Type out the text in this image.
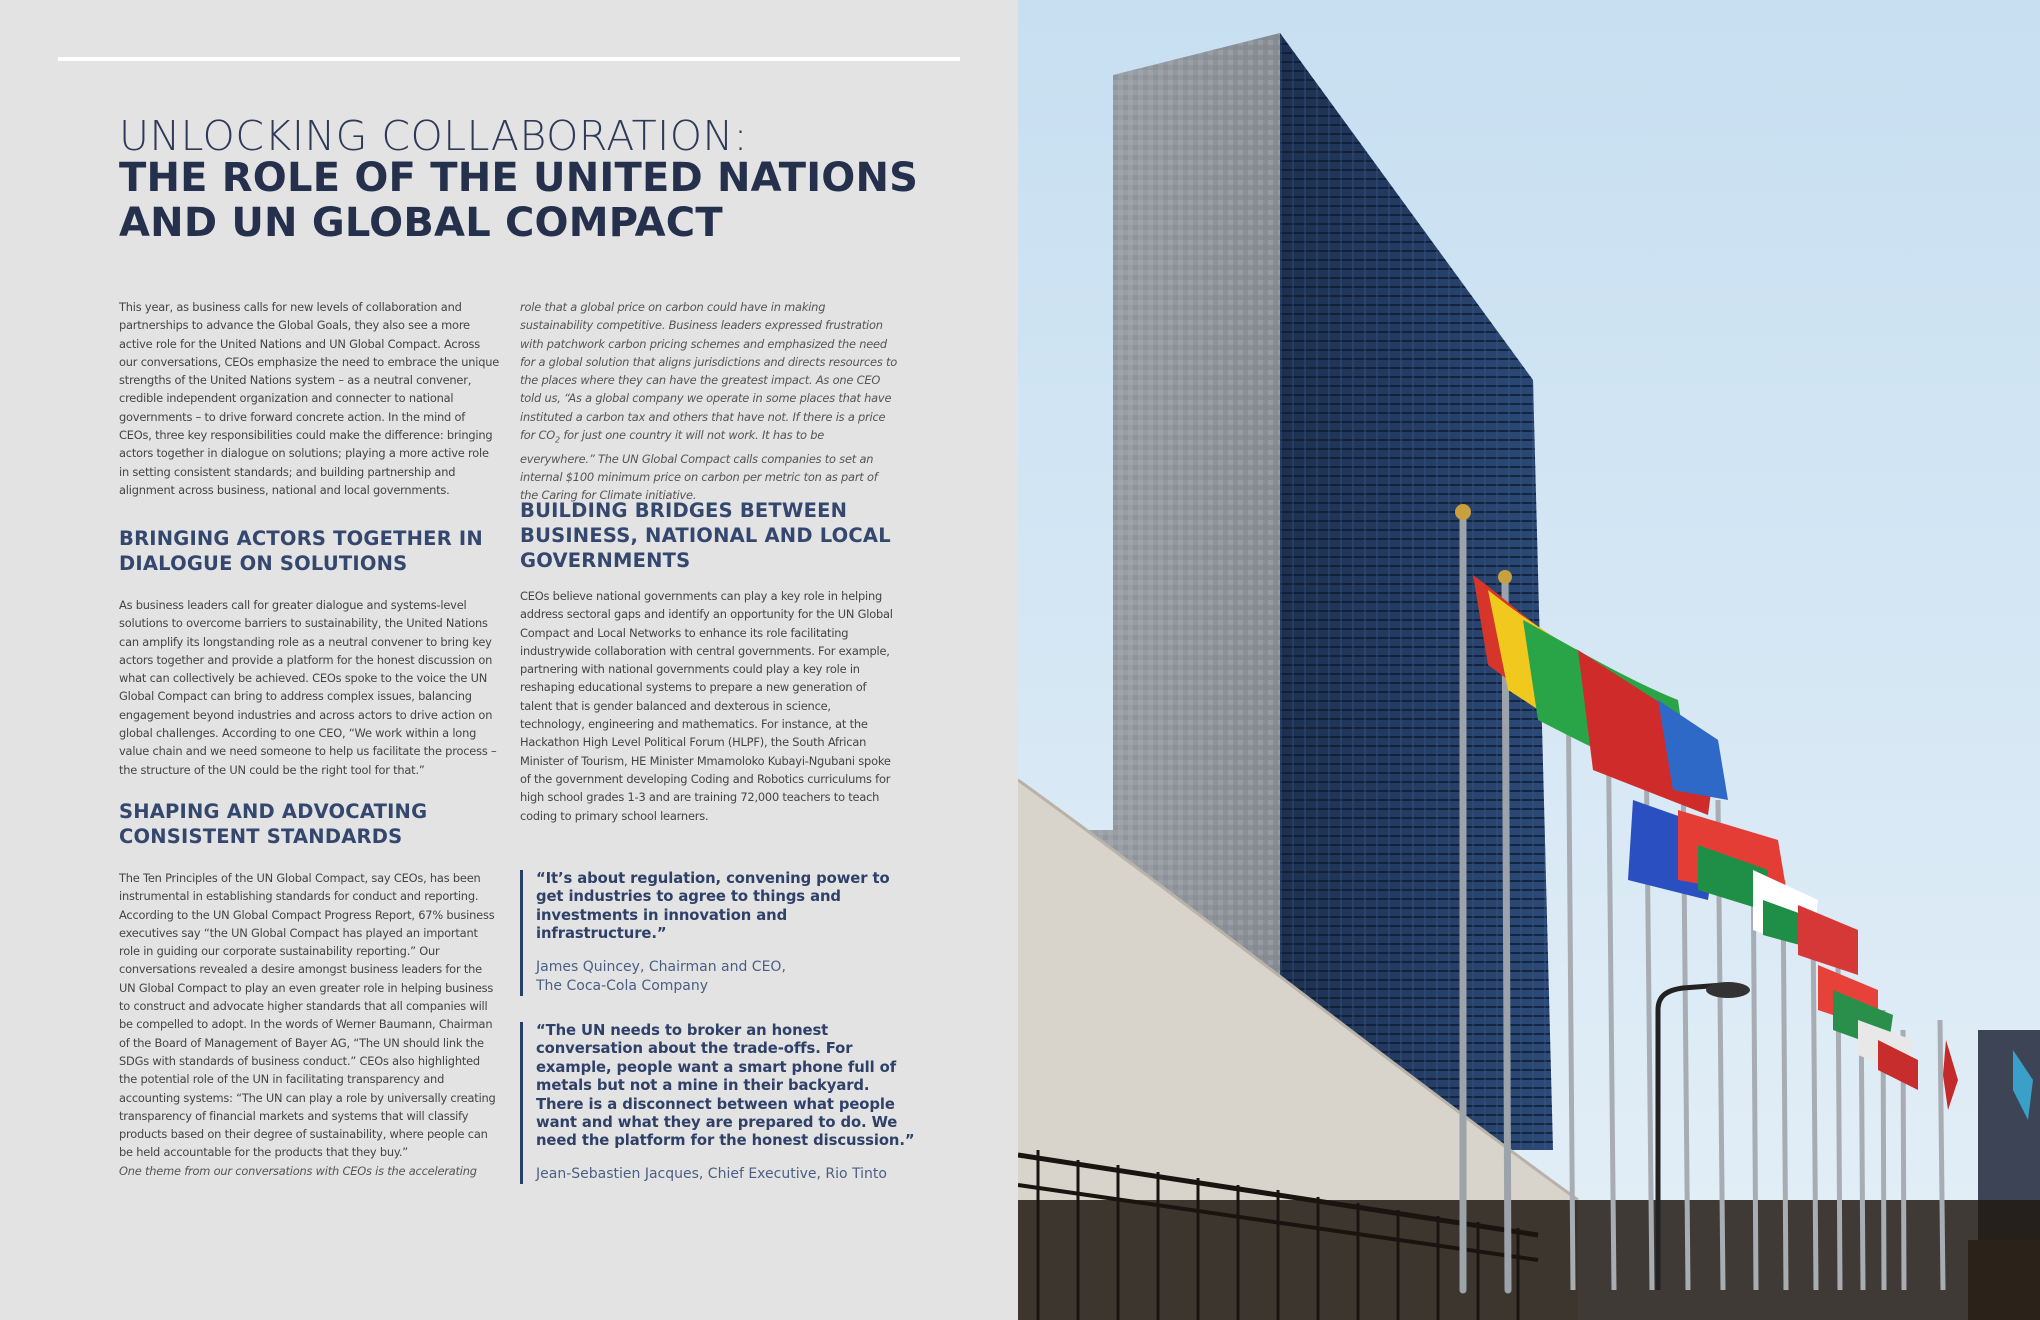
UNLOCKING COLLABORATION:
THE ROLE OF THE UNITED NATIONS
AND UN GLOBAL COMPACT
This year, as business calls for new levels of collaboration and partnerships to advance the Global Goals, they also see a more active role for the United Nations and UN Global Compact. Across our conversations, CEOs emphasize the need to embrace the unique strengths of the United Nations system – as a neutral convener, credible independent organization and connecter to national governments – to drive forward concrete action. In the mind of CEOs, three key responsibilities could make the difference: bringing actors together in dialogue on solutions; playing a more active role in setting consistent standards; and building partnership and alignment across business, national and local governments.
BRINGING ACTORS TOGETHER IN
DIALOGUE ON SOLUTIONS
As business leaders call for greater dialogue and systems-level solutions to overcome barriers to sustainability, the United Nations can amplify its longstanding role as a neutral convener to bring key actors together and provide a platform for the honest discussion on what can collectively be achieved. CEOs spoke to the voice the UN Global Compact can bring to address complex issues, balancing engagement beyond industries and across actors to drive action on global challenges. According to one CEO, “We work within a long value chain and we need someone to help us facilitate the process – the structure of the UN could be the right tool for that.”
SHAPING AND ADVOCATING
CONSISTENT STANDARDS
The Ten Principles of the UN Global Compact, say CEOs, has been instrumental in establishing standards for conduct and reporting. According to the UN Global Compact Progress Report, 67% business executives say “the UN Global Compact has played an important role in guiding our corporate sustainability reporting.” Our conversations revealed a desire amongst business leaders for the UN Global Compact to play an even greater role in helping business to construct and advocate higher standards that all companies will be compelled to adopt. In the words of Werner Baumann, Chairman of the Board of Management of Bayer AG, “The UN should link the SDGs with standards of business conduct.” CEOs also highlighted the potential role of the UN in facilitating transparency and accounting systems: “The UN can play a role by universally creating transparency of financial markets and systems that will classify products based on their degree of sustainability, where people can be held accountable for the products that they buy.”
One theme from our conversations with CEOs is the accelerating
role that a global price on carbon could have in making sustainability competitive. Business leaders expressed frustration with patchwork carbon pricing schemes and emphasized the need for a global solution that aligns jurisdictions and directs resources to the places where they can have the greatest impact. As one CEO told us, “As a global company we operate in some places that have instituted a carbon tax and others that have not. If there is a price for $CO_2$ for just one country it will not work. It has to be everywhere.” The UN Global Compact calls companies to set an internal $100 minimum price on carbon per metric ton as part of the Caring for Climate initiative.
BUILDING BRIDGES BETWEEN
BUSINESS, NATIONAL AND LOCAL
GOVERNMENTS
CEOs believe national governments can play a key role in helping address sectoral gaps and identify an opportunity for the UN Global Compact and Local Networks to enhance its role facilitating industrywide collaboration with central governments. For example, partnering with national governments could play a key role in reshaping educational systems to prepare a new generation of talent that is gender balanced and dexterous in science, technology, engineering and mathematics. For instance, at the Hackathon High Level Political Forum (HLPF), the South African Minister of Tourism, HE Minister Mmamoloko Kubayi-Ngubani spoke of the government developing Coding and Robotics curriculums for high school grades 1-3 and are training 72,000 teachers to teach coding to primary school learners.
“It’s about regulation, convening power to get industries to agree to things and investments in innovation and infrastructure.”
James Quincey, Chairman and CEO,
The Coca-Cola Company
“The UN needs to broker an honest conversation about the trade-offs. For example, people want a smart phone full of metals but not a mine in their backyard. There is a disconnect between what people want and what they are prepared to do. We need the platform for the honest discussion.”
Jean-Sebastien Jacques, Chief Executive, Rio Tinto
